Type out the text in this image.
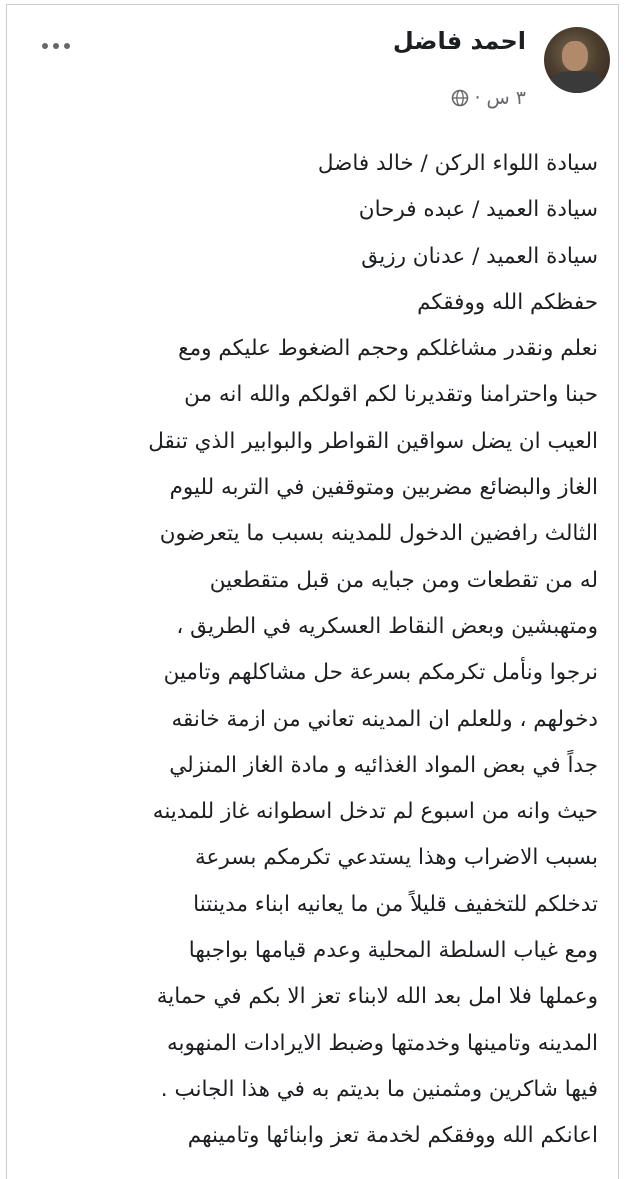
احمد فاضل
٣ س
·
سيادة اللواء الركن / خالد فاضل
سيادة العميد / عبده فرحان
سيادة العميد / عدنان رزيق
حفظكم الله ووفقكم
نعلم ونقدر مشاغلكم وحجم الضغوط عليكم ومع
حبنا واحترامنا وتقديرنا لكم اقولكم والله انه من
العيب ان يضل سواقين القواطر والبوابير الذي تنقل
الغاز والبضائع مضربين ومتوقفين في التربه لليوم
الثالث رافضين الدخول للمدينه بسبب ما يتعرضون
له من تقطعات ومن جبايه من قبل متقطعين
ومتهبشين وبعض النقاط العسكريه في الطريق ،
نرجوا ونأمل تكرمكم بسرعة حل مشاكلهم وتامين
دخولهم ، وللعلم ان المدينه تعاني من ازمة خانقه
جداً في بعض المواد الغذائيه و مادة الغاز المنزلي
حيث وانه من اسبوع لم تدخل اسطوانه غاز للمدينه
بسبب الاضراب وهذا يستدعي تكرمكم بسرعة
تدخلكم للتخفيف قليلاً من ما يعانيه ابناء مدينتنا
ومع غياب السلطة المحلية وعدم قيامها بواجبها
وعملها فلا امل بعد الله لابناء تعز الا بكم في حماية
المدينه وتامينها وخدمتها وضبط الايرادات المنهوبه
فيها شاكرين ومثمنين ما بديتم به في هذا الجانب .
اعانكم الله ووفقكم لخدمة تعز وابنائها وتامينهم
